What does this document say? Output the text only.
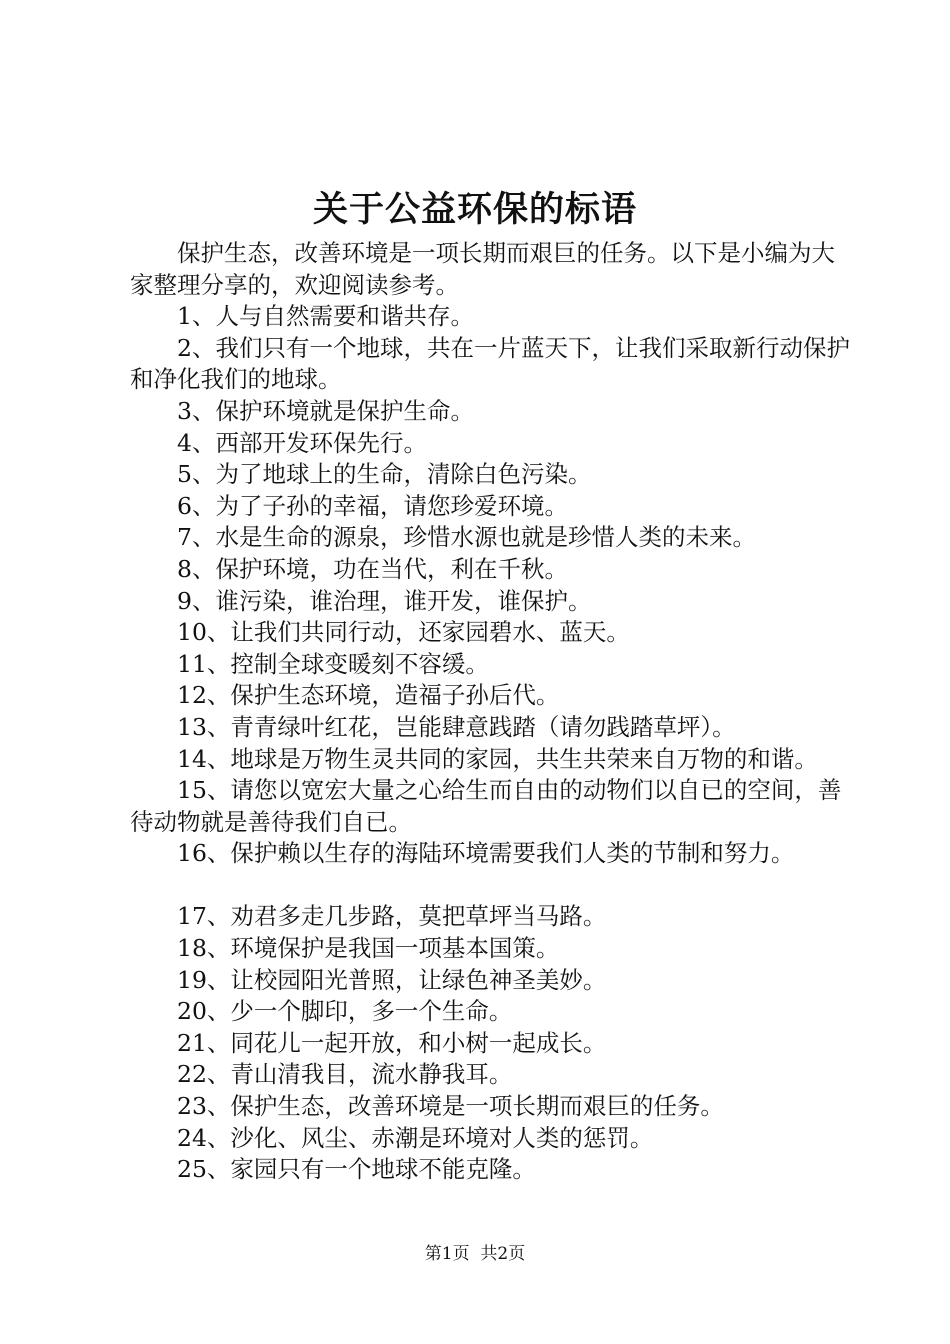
关于公益环保的标语

保护生态，改善环境是一项长期而艰巨的任务。以下是小编为大家整理分享的，欢迎阅读参考。

1、人与自然需要和谐共存。

2、我们只有一个地球，共在一片蓝天下，让我们采取新行动保护和净化我们的地球。

3、保护环境就是保护生命。

4、西部开发环保先行。

5、为了地球上的生命，清除白色污染。

6、为了子孙的幸福，请您珍爱环境。

7、水是生命的源泉，珍惜水源也就是珍惜人类的未来。

8、保护环境，功在当代，利在千秋。

9、谁污染，谁治理，谁开发，谁保护。

10、让我们共同行动，还家园碧水、蓝天。

11、控制全球变暖刻不容缓。

12、保护生态环境，造福子孙后代。

13、青青绿叶红花，岂能肆意践踏（请勿践踏草坪）。

14、地球是万物生灵共同的家园，共生共荣来自万物的和谐。

15、请您以宽宏大量之心给生而自由的动物们以自已的空间，善待动物就是善待我们自已。

16、保护赖以生存的海陆环境需要我们人类的节制和努力。

17、劝君多走几步路，莫把草坪当马路。

18、环境保护是我国一项基本国策。

19、让校园阳光普照，让绿色神圣美妙。

20、少一个脚印，多一个生命。

21、同花儿一起开放，和小树一起成长。

22、青山清我目，流水静我耳。

23、保护生态，改善环境是一项长期而艰巨的任务。

24、沙化、风尘、赤潮是环境对人类的惩罚。

25、家园只有一个地球不能克隆。

第1页 共2页
